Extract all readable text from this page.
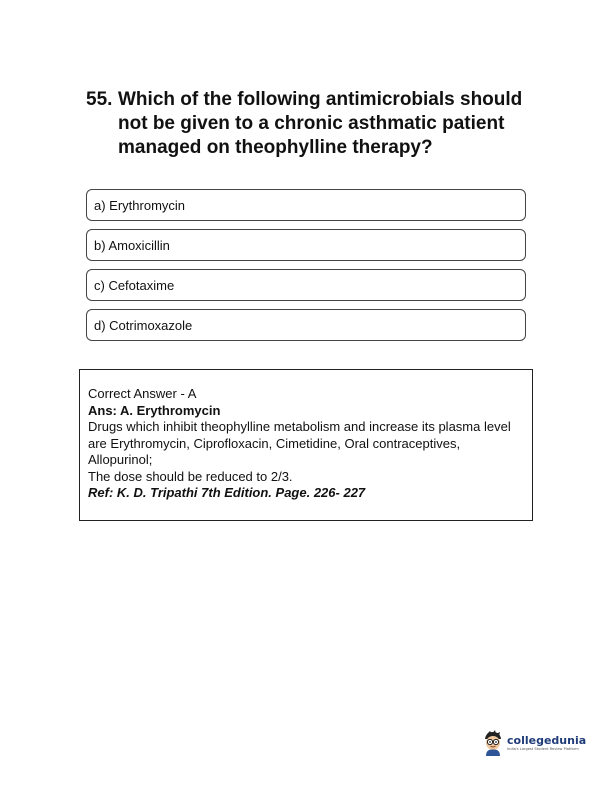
55. Which of the following antimicrobials should not be given to a chronic asthmatic patient managed on theophylline therapy?
a) Erythromycin
b) Amoxicillin
c) Cefotaxime
d) Cotrimoxazole

Correct Answer - A

Ans: A. Erythromycin

Drugs which inhibit theophylline metabolism and increase its plasma level are Erythromycin, Ciprofloxacin, Cimetidine, Oral contraceptives, Allopurinol;

The dose should be reduced to 2/3.

Ref: K. D. Tripathi 7th Edition. Page. 226- 227

collegedunia
India's Largest Student Review Platform
